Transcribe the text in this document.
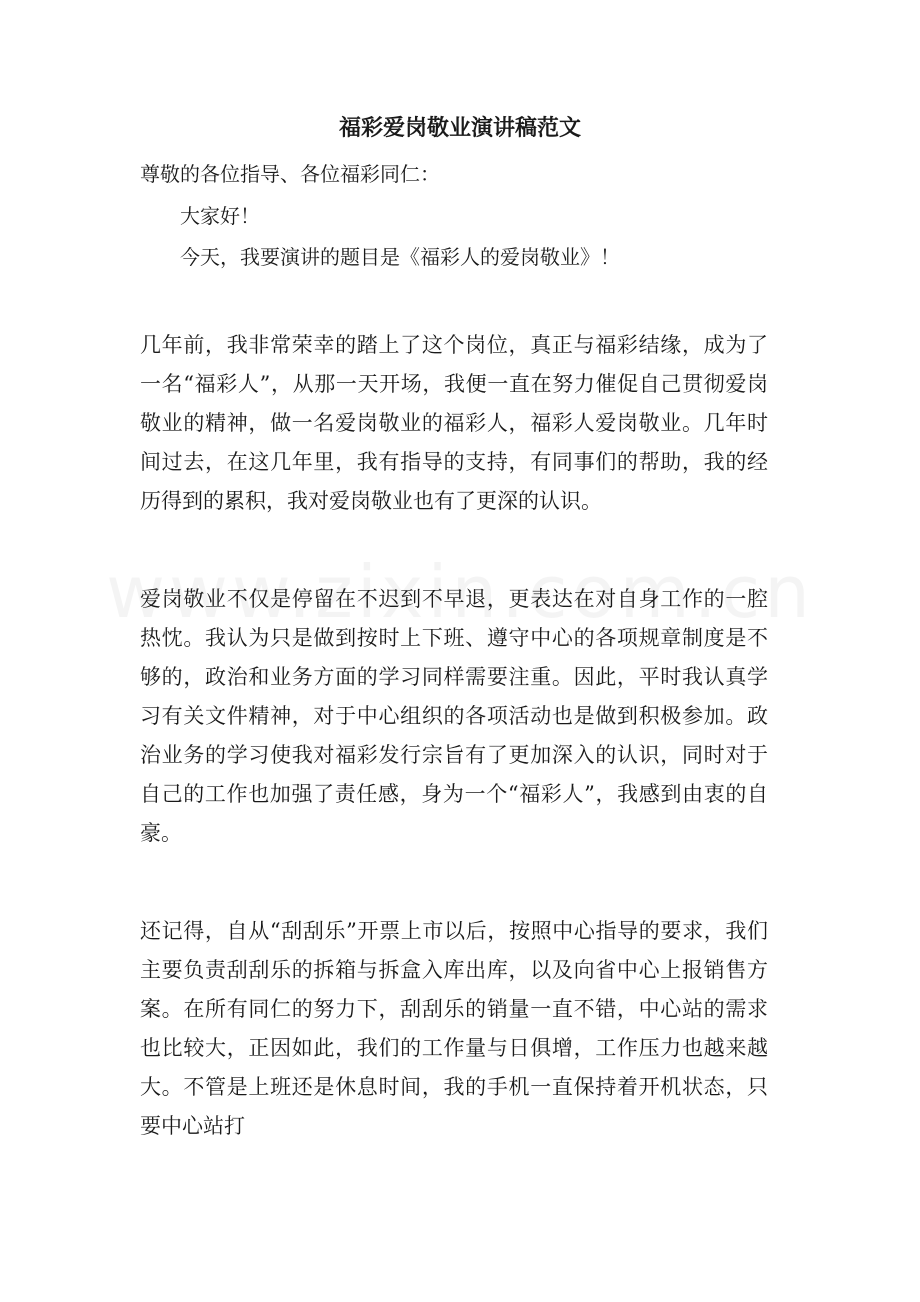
福彩爱岗敬业演讲稿范文

尊敬的各位指导、各位福彩同仁：

大家好！

今天，我要演讲的题目是《福彩人的爱岗敬业》！

几年前，我非常荣幸的踏上了这个岗位，真正与福彩结缘，成为了一名“福彩人”，从那一天开场，我便一直在努力催促自己贯彻爱岗敬业的精神，做一名爱岗敬业的福彩人，福彩人爱岗敬业。几年时间过去，在这几年里，我有指导的支持，有同事们的帮助，我的经历得到的累积，我对爱岗敬业也有了更深的认识。

爱岗敬业不仅是停留在不迟到不早退，更表达在对自身工作的一腔热忱。我认为只是做到按时上下班、遵守中心的各项规章制度是不够的，政治和业务方面的学习同样需要注重。因此，平时我认真学习有关文件精神，对于中心组织的各项活动也是做到积极参加。政治业务的学习使我对福彩发行宗旨有了更加深入的认识，同时对于自己的工作也加强了责任感，身为一个“福彩人”，我感到由衷的自豪。

还记得，自从“刮刮乐”开票上市以后，按照中心指导的要求，我们主要负责刮刮乐的拆箱与拆盒入库出库，以及向省中心上报销售方案。在所有同仁的努力下，刮刮乐的销量一直不错，中心站的需求也比较大，正因如此，我们的工作量与日俱增，工作压力也越来越大。不管是上班还是休息时间，我的手机一直保持着开机状态，只要中心站打
